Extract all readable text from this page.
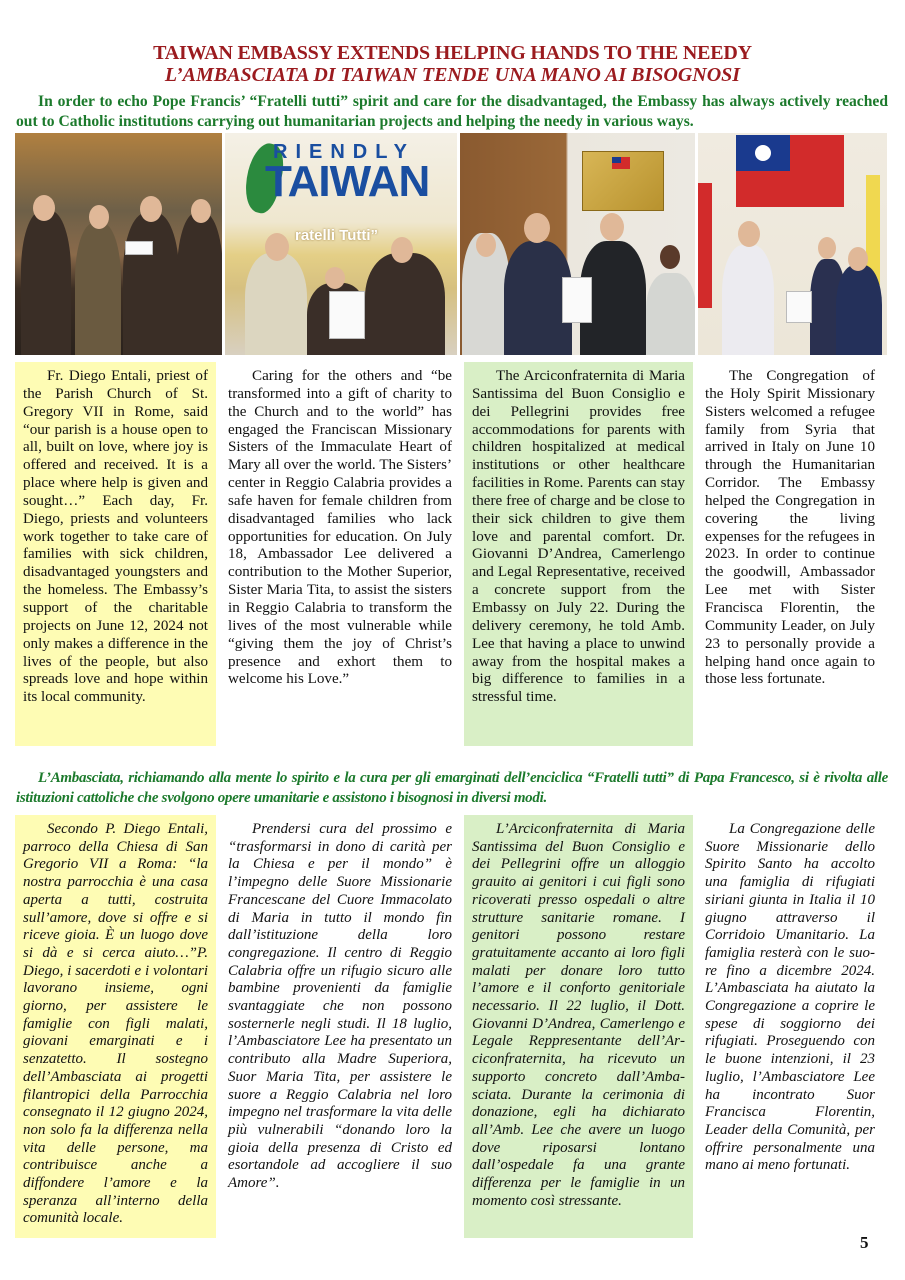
TAIWAN EMBASSY EXTENDS HELPING HANDS TO THE NEEDY
L’AMBASCIATA DI TAIWAN TENDE UNA MANO AI BISOGNOSI
In order to echo Pope Francis’ “Fratelli tutti” spirit and care for the disadvantaged, the Embassy has always actively reached out to Catholic institutions carrying out humanitarian projects and helping the needy in various ways.
RIENDLY
TAIWAN
ratelli Tutti”

Fr. Diego Entali, priest of the Parish Church of St. Gregory VII in Rome, said “our parish is a house open to all, built on love, where joy is offered and received. It is a place where help is given and sought…” Each day, Fr. Diego, priests and volunteers work together to take care of families with sick children, disadvantaged youngsters and the homeless. The Embassy’s support of the charitable projects on June 12, 2024 not only makes a difference in the lives of the people, but also spreads love and hope within its local community.

Caring for the others and “be transformed into a gift of charity to the Church and to the world” has engaged the Franciscan Missionary Sisters of the Immaculate Heart of Mary all over the world. The Sisters’ center in Reggio Calabria provides a safe haven for female children from disadvantaged families who lack opportunities for education. On July 18, Ambassador Lee delivered a contribution to the Mother Superior, Sister Maria Tita, to assist the sisters in Reggio Calabria to transform the lives of the most vulnerable while “giving them the joy of Christ’s presence and exhort them to welcome his Love.”

The Arciconfraternita di Maria Santissima del Buon Consiglio e dei Pellegrini provides free accommodations for parents with children hospitalized at medical institutions or other healthcare facilities in Rome. Parents can stay there free of charge and be close to their sick children to give them love and parental comfort. Dr. Giovanni D’Andrea, Camerlengo and Legal Representative, received a concrete support from the Embassy on July 22. During the delivery ceremony, he told Amb. Lee that having a place to unwind away from the hospital makes a big difference to families in a stressful time.

The Congregation of the Holy Spirit Missionary Sisters welcomed a refugee family from Syria that arrived in Italy on June 10 through the Humanitarian Corridor. The Embassy helped the Congregation in covering the living expenses for the refugees in 2023. In order to continue the goodwill, Ambassador Lee met with Sister Francisca Florentin, the Community Leader, on July 23 to personally provide a helping hand once again to those less fortunate.

L’Ambasciata, richiamando alla mente lo spirito e la cura per gli emarginati dell’enciclica “Fratelli tutti” di Papa Francesco, si è rivolta alle istituzioni cattoliche che svolgono opere umanitarie e assistono i bisognosi in diversi modi.

Secondo P. Diego Entali, parroco della Chiesa di San Gregorio VII a Roma: “la nostra parrocchia è una casa aperta a tutti, costruita sull’amore, dove si offre e si riceve gioia. È un luogo dove si dà e si cerca aiuto…”P. Diego, i sacerdoti e i volontari lavorano insieme, ogni giorno, per assistere le famiglie con figli malati, giovani emarginati e i senzatetto. Il sostegno dell’Ambasciata ai progetti filantropici della Parrocchia consegnato il 12 giugno 2024, non solo fa la differenza nella vita delle persone, ma contribuisce anche a diffondere l’amore e la speranza all’interno della comunità locale.

Prendersi cura del prossimo e “trasformarsi in dono di carità per la Chiesa e per il mondo” è l’impegno delle Suore Missionarie Francescane del Cuore Immacolato di Maria in tutto il mondo fin dall’istituzione della loro congregazione. Il centro di Reggio Calabria offre un rifugio sicuro alle bambine provenienti da famiglie svantaggiate che non possono sosternerle negli studi. Il 18 luglio, l’Ambasciatore Lee ha presentato un contributo alla Madre Superiora, Suor Maria Tita, per assistere le suore a Reggio Calabria nel loro impegno nel trasformare la vita delle più vulnerabili “donando loro la gioia della presenza di Cristo ed esortandole ad accogliere il suo Amore”.

L’Arciconfraternita di Maria Santissima del Buon Consiglio e dei Pellegrini offre un alloggio grauito ai genitori i cui figli sono ricoverati presso ospedali o altre strutture sanitarie romane. I genitori possono restare gratuitamente accanto ai loro figli malati per donare loro tutto l’amore e il conforto genitoriale necessario. Il 22 luglio, il Dott. Giovanni D’Andrea, Camerlengo e Legale Reppresentante dell’Arciconfraternita, ha ricevuto un supporto concreto dall’Ambasciata. Durante la cerimonia di donazione, egli ha dichiarato all’Amb. Lee che avere un luogo dove riposarsi lontano dall’ospedale fa una grante differenza per le famiglie in un momento così stressante.

La Congregazione delle Suore Missionarie dello Spirito Santo ha accolto una famiglia di rifugiati siriani giunta in Italia il 10 giugno attraverso il Corridoio Umanitario. La famiglia resterà con le suore fino a dicembre 2024. L’Ambasciata ha aiutato la Congregazione a coprire le spese di soggiorno dei rifugiati. Proseguendo con le buone intenzioni, il 23 luglio, l’Ambasciatore Lee ha incontrato Suor Francisca Florentin, Leader della Comunità, per offrire personalmente una mano ai meno fortunati.

5
